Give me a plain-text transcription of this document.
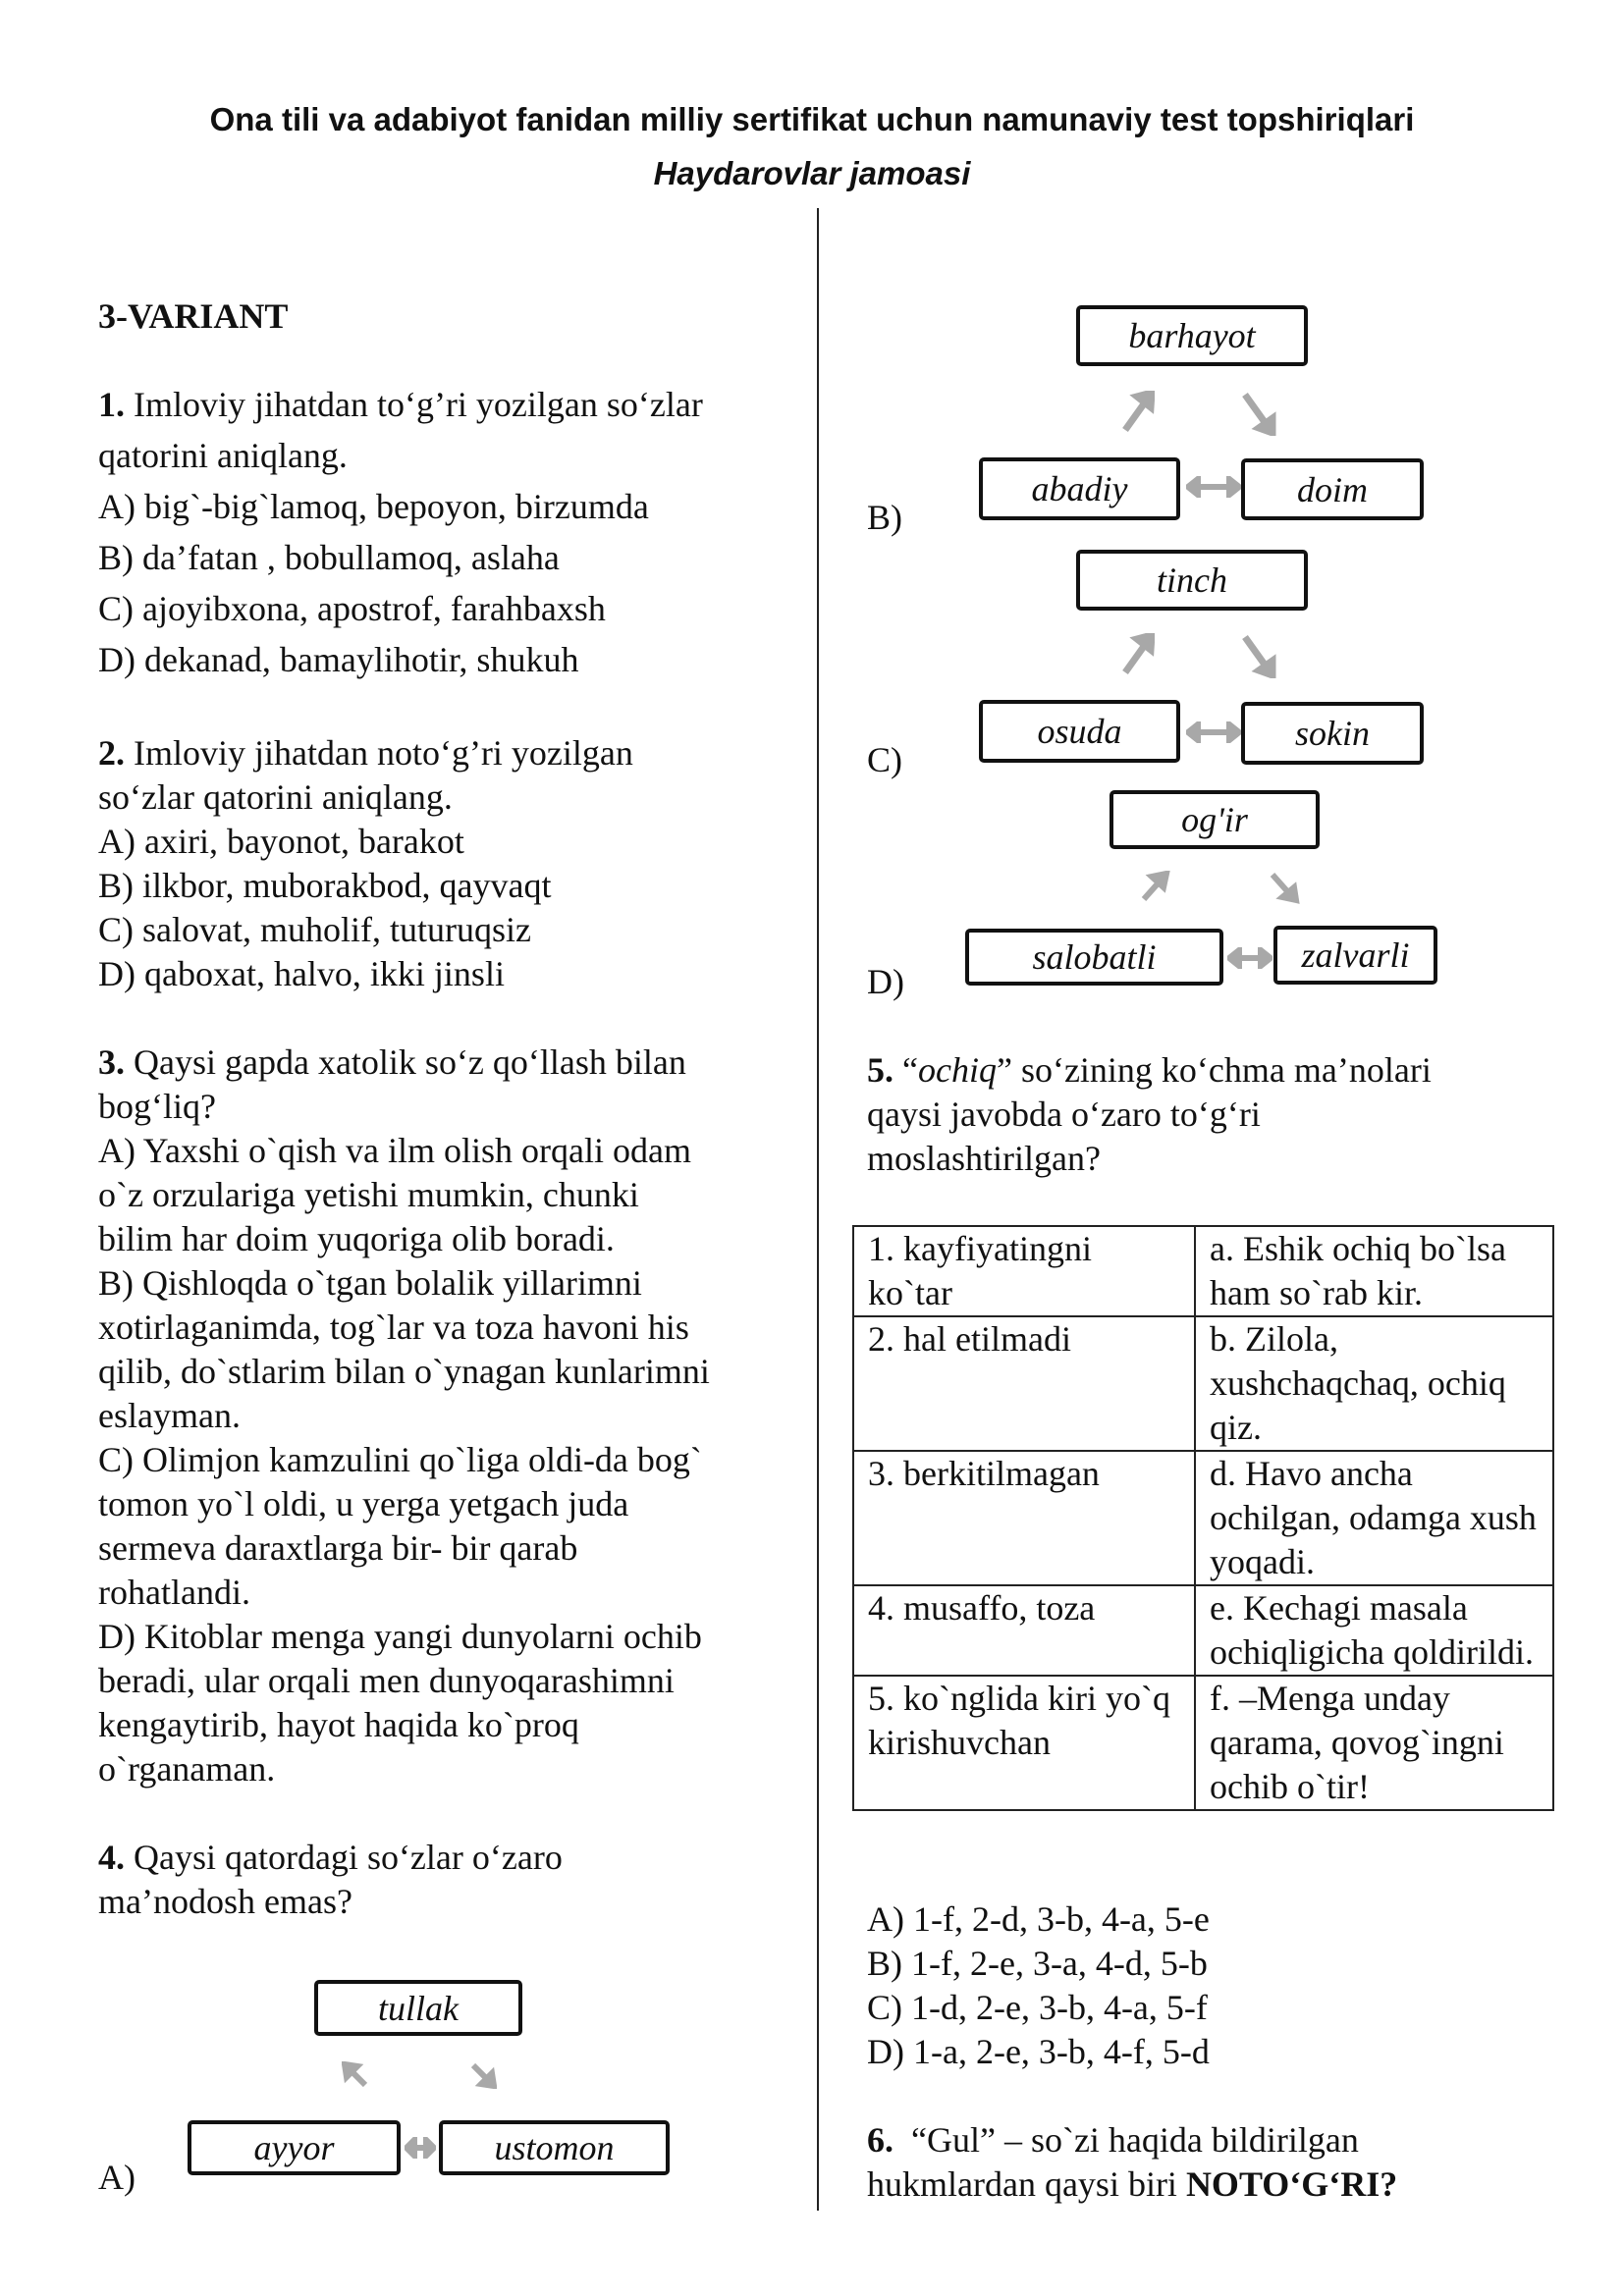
Ona tili va adabiyot fanidan milliy sertifikat uchun namunaviy test topshiriqlari
Haydarovlar jamoasi
3-VARIANT
1. Imloviy jihatdan to‘g’ri yozilgan so‘zlar
qatorini aniqlang.
A) big`-big`lamoq, bepoyon, birzumda
B) da’fatan , bobullamoq, aslaha
C) ajoyibxona, apostrof, farahbaxsh
D) dekanad, bamaylihotir, shukuh
2. Imloviy jihatdan noto‘g’ri yozilgan
so‘zlar qatorini aniqlang.
A) axiri, bayonot, barakot
B) ilkbor, muborakbod, qayvaqt
C) salovat, muholif, tuturuqsiz
D) qaboxat, halvo, ikki jinsli
3. Qaysi gapda xatolik so‘z qo‘llash bilan
bog‘liq?
A) Yaxshi o`qish va ilm olish orqali odam
o`z orzulariga yetishi mumkin, chunki
bilim har doim yuqoriga olib boradi.
B) Qishloqda o`tgan bolalik yillarimni
xotirlaganimda, tog`lar va toza havoni his
qilib, do`stlarim bilan o`ynagan kunlarimni
eslayman.
C) Olimjon kamzulini qo`liga oldi-da bog`
tomon yo`l oldi, u yerga yetgach juda
sermeva daraxtlarga bir- bir qarab
rohatlandi.
D) Kitoblar menga yangi dunyolarni ochib
beradi, ular orqali men dunyoqarashimni
kengaytirib, hayot haqida ko`proq
o`rganaman.
4. Qaysi qatordagi so‘zlar o‘zaro
ma’nodosh emas?
tullak
ayyor	ustomon
A)
barhayot
abadiy	doim
B)
tinch
osuda	sokin
C)
og'ir
salobatli	zalvarli
D)
5. “ochiq” so‘zining ko‘chma ma’nolari
qaysi javobda o‘zaro to‘g‘ri
moslashtirilgan?
1. kayfiyatingni ko`tar	a. Eshik ochiq bo`lsa ham so`rab kir.
2. hal etilmadi	b. Zilola, xushchaqchaq, ochiq qiz.
3. berkitilmagan	d. Havo ancha ochilgan, odamga xush yoqadi.
4. musaffo, toza	e. Kechagi masala ochiqligicha qoldirildi.
5. ko`nglida kiri yo`q kirishuvchan	f. –Menga unday qarama, qovog`ingni ochib o`tir!
A) 1-f, 2-d, 3-b, 4-a, 5-e
B) 1-f, 2-e, 3-a, 4-d, 5-b
C) 1-d, 2-e, 3-b, 4-a, 5-f
D) 1-a, 2-e, 3-b, 4-f, 5-d
6. “Gul” – so`zi haqida bildirilgan
hukmlardan qaysi biri NOTO‘G‘RI?
